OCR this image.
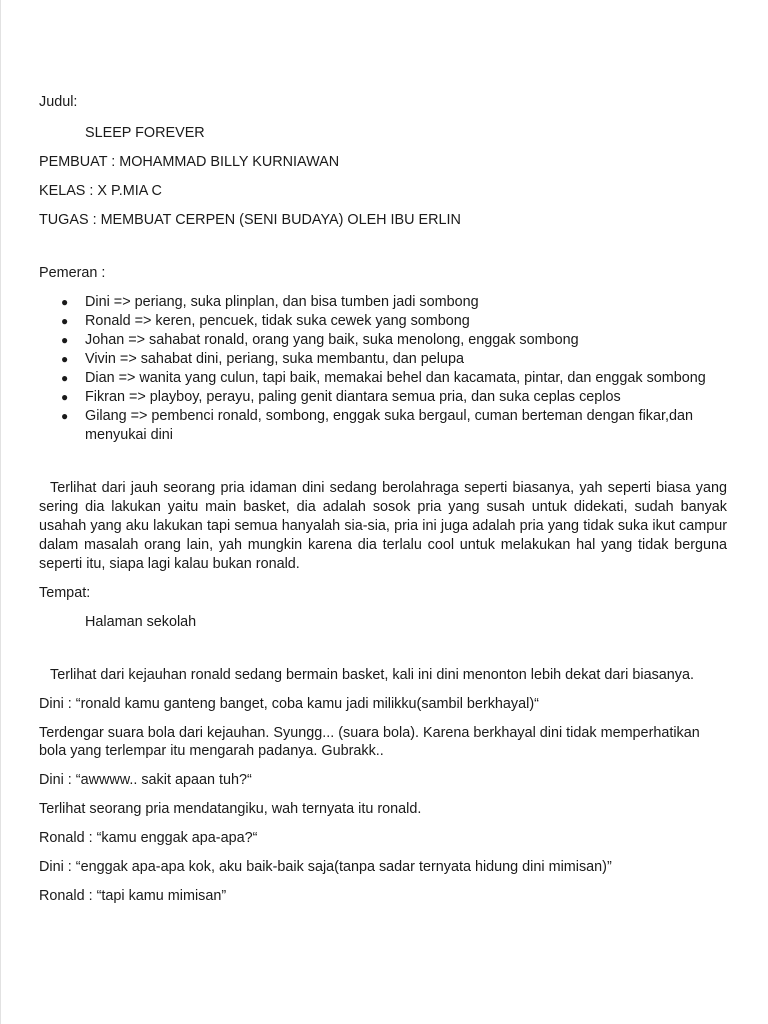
Judul:

SLEEP FOREVER

PEMBUAT : MOHAMMAD BILLY KURNIAWAN

KELAS : X P.MIA C

TUGAS : MEMBUAT CERPEN (SENI BUDAYA) OLEH IBU ERLIN

Pemeran :

● Dini => periang, suka plinplan, dan bisa tumben jadi sombong
● Ronald => keren, pencuek, tidak suka cewek yang sombong
● Johan => sahabat ronald, orang yang baik, suka menolong, enggak sombong
● Vivin => sahabat dini, periang, suka membantu, dan pelupa
● Dian => wanita yang culun, tapi baik, memakai behel dan kacamata, pintar, dan enggak sombong
● Fikran => playboy, perayu, paling genit diantara semua pria, dan suka ceplas ceplos
● Gilang => pembenci ronald, sombong, enggak suka bergaul, cuman berteman dengan fikar,dan menyukai dini

Terlihat dari jauh seorang pria idaman dini sedang berolahraga seperti biasanya, yah seperti biasa yang sering dia lakukan yaitu main basket, dia adalah sosok pria yang susah untuk didekati, sudah banyak usahah yang aku lakukan tapi semua hanyalah sia-sia, pria ini juga adalah pria yang tidak suka ikut campur dalam masalah orang lain, yah mungkin karena dia terlalu cool untuk melakukan hal yang tidak berguna seperti itu, siapa lagi kalau bukan ronald.

Tempat:

Halaman sekolah

Terlihat dari kejauhan ronald sedang bermain basket, kali ini dini menonton lebih dekat dari biasanya.

Dini : “ronald kamu ganteng banget, coba kamu jadi milikku(sambil berkhayal)“

Terdengar suara bola dari kejauhan. Syungg... (suara bola). Karena berkhayal dini tidak memperhatikan bola yang terlempar itu mengarah padanya. Gubrakk..

Dini : “awwww.. sakit apaan tuh?“

Terlihat seorang pria mendatangiku, wah ternyata itu ronald.

Ronald : “kamu enggak apa-apa?“

Dini : “enggak apa-apa kok, aku baik-baik saja(tanpa sadar ternyata hidung dini mimisan)”

Ronald : “tapi kamu mimisan”
